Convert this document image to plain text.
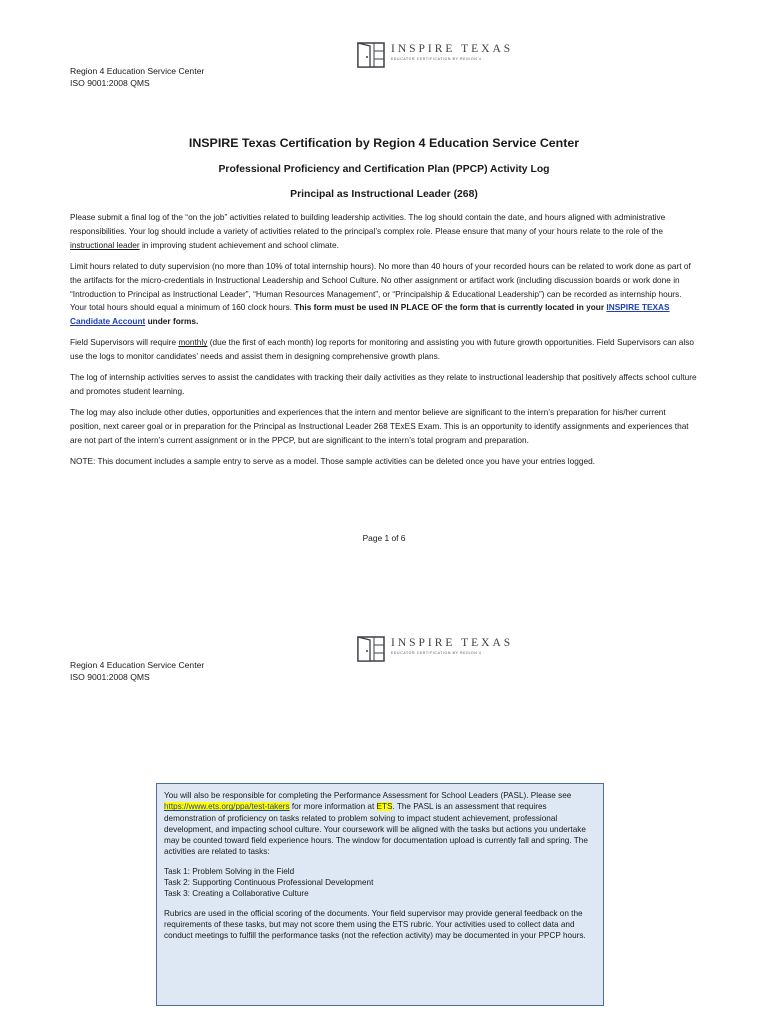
INSPIRE TEXAS
EDUCATOR CERTIFICATION BY REGION 4
Region 4 Education Service Center
ISO 9001:2008 QMS
INSPIRE Texas Certification by Region 4 Education Service Center
Professional Proficiency and Certification Plan (PPCP) Activity Log
Principal as Instructional Leader (268)

Please submit a final log of the “on the job” activities related to building leadership activities. The log should contain the date, and hours aligned with administrative responsibilities. Your log should include a variety of activities related to the principal’s complex role. Please ensure that many of your hours relate to the role of the instructional leader in improving student achievement and school climate.

Limit hours related to duty supervision (no more than 10% of total internship hours). No more than 40 hours of your recorded hours can be related to work done as part of the artifacts for the micro-credentials in Instructional Leadership and School Culture. No other assignment or artifact work (including discussion boards or work done in “Introduction to Principal as Instructional Leader”, “Human Resources Management”, or “Principalship & Educational Leadership”) can be recorded as internship hours. Your total hours should equal a minimum of 160 clock hours. This form must be used IN PLACE OF the form that is currently located in your INSPIRE TEXAS Candidate Account under forms.

Field Supervisors will require monthly (due the first of each month) log reports for monitoring and assisting you with future growth opportunities. Field Supervisors can also use the logs to monitor candidates’ needs and assist them in designing comprehensive growth plans.

The log of internship activities serves to assist the candidates with tracking their daily activities as they relate to instructional leadership that positively affects school culture and promotes student learning.

The log may also include other duties, opportunities and experiences that the intern and mentor believe are significant to the intern’s preparation for his/her current position, next career goal or in preparation for the Principal as Instructional Leader 268 TExES Exam. This is an opportunity to identify assignments and experiences that are not part of the intern’s current assignment or in the PPCP, but are significant to the intern’s total program and preparation.

NOTE: This document includes a sample entry to serve as a model. Those sample activities can be deleted once you have your entries logged.

Page 1 of 6
INSPIRE TEXAS
EDUCATOR CERTIFICATION BY REGION 4
Region 4 Education Service Center
ISO 9001:2008 QMS

You will also be responsible for completing the Performance Assessment for School Leaders (PASL). Please see https://www.ets.org/ppa/test-takers for more information at ETS. The PASL is an assessment that requires demonstration of proficiency on tasks related to problem solving to impact student achievement, professional development, and impacting school culture. Your coursework will be aligned with the tasks but actions you undertake may be counted toward field experience hours. The window for documentation upload is currently fall and spring. The activities are related to tasks:

Task 1: Problem Solving in the Field
Task 2: Supporting Continuous Professional Development
Task 3: Creating a Collaborative Culture

Rubrics are used in the official scoring of the documents. Your field supervisor may provide general feedback on the requirements of these tasks, but may not score them using the ETS rubric. Your activities used to collect data and conduct meetings to fulfill the performance tasks (not the refection activity) may be documented in your PPCP hours.
